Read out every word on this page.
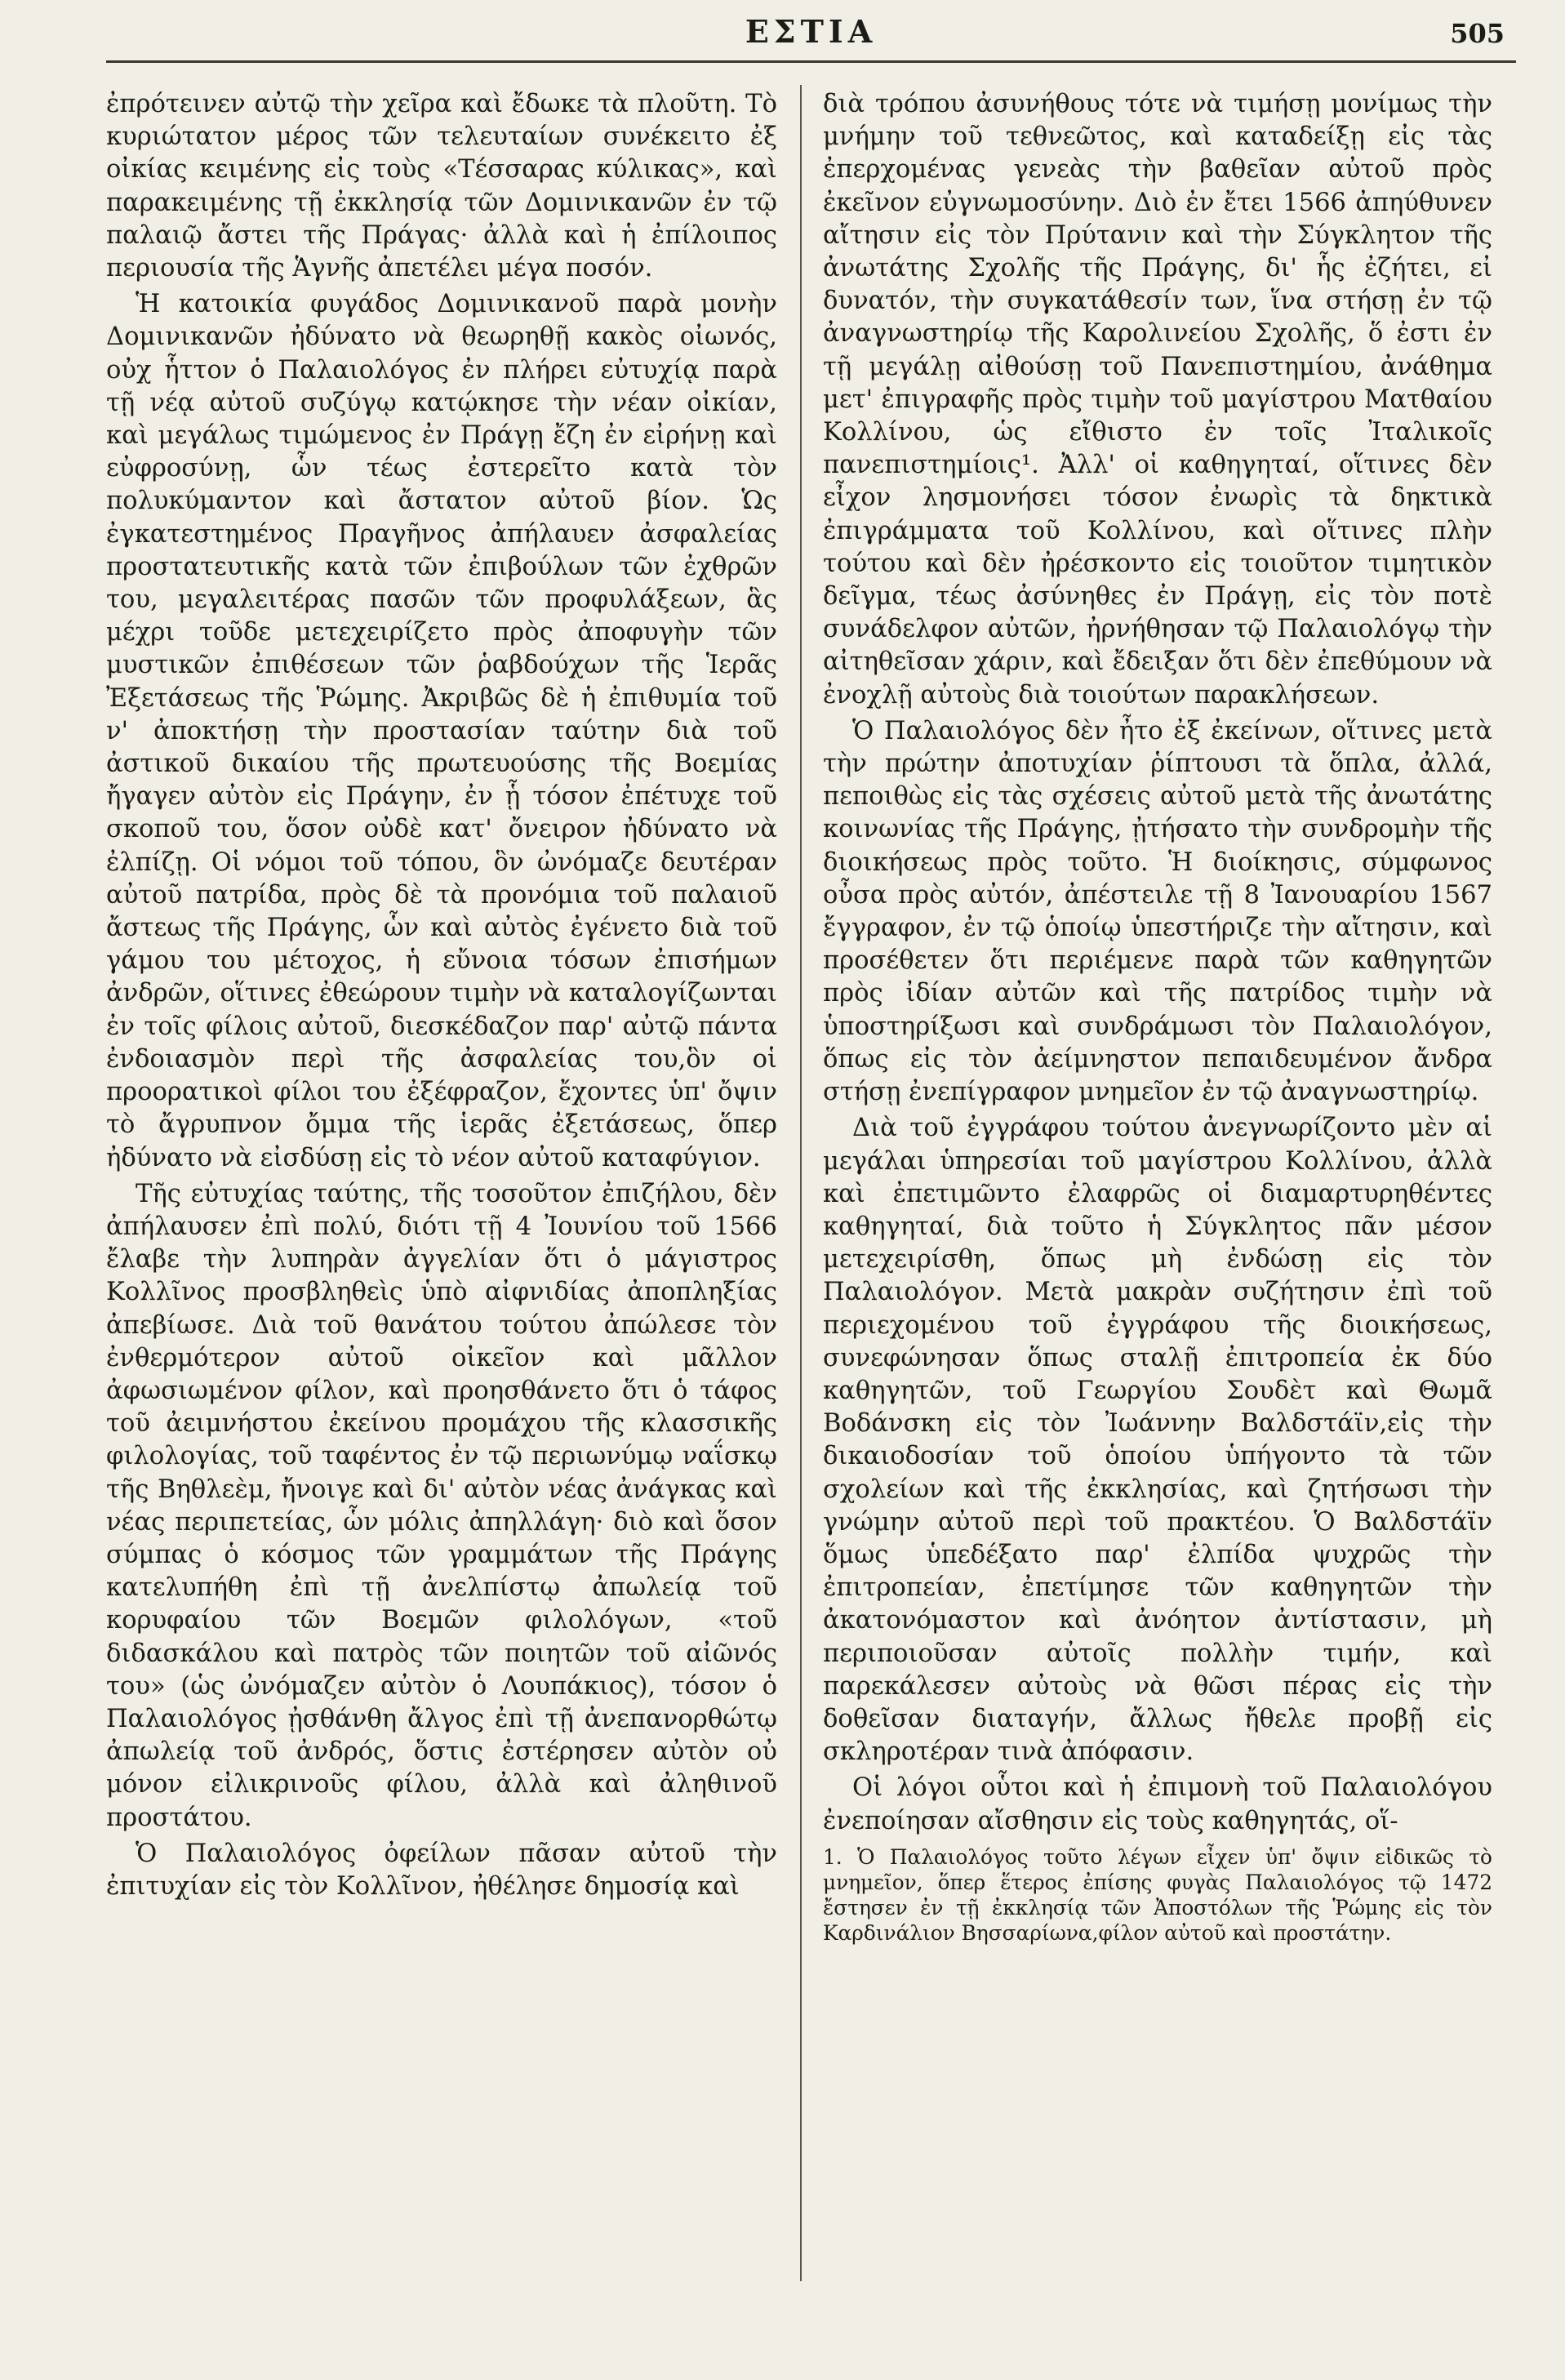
ΕΣΤΙΑ	505

ἐπρότεινεν αὐτῷ τὴν χεῖρα καὶ ἔδωκε τὰ πλοῦτη. Τὸ κυριώτατον μέρος τῶν τελευταίων συνέκειτο ἐξ οἰκίας κειμένης εἰς τοὺς «Τέσσαρας κύλικας», καὶ παρακειμένης τῇ ἐκκλησίᾳ τῶν Δομινικανῶν ἐν τῷ παλαιῷ ἄστει τῆς Πράγας· ἀλλὰ καὶ ἡ ἐπίλοιπος περιουσία τῆς Ἁγνῆς ἀπετέλει μέγα ποσόν.

Ἡ κατοικία φυγάδος Δομινικανοῦ παρὰ μονὴν Δομινικανῶν ἠδύνατο νὰ θεωρηθῇ κακὸς οἰωνός, οὐχ ἧττον ὁ Παλαιολόγος ἐν πλήρει εὐτυχίᾳ παρὰ τῇ νέᾳ αὐτοῦ συζύγῳ κατῴκησε τὴν νέαν οἰκίαν, καὶ μεγάλως τιμώμενος ἐν Πράγῃ ἔζη ἐν εἰρήνῃ καὶ εὐφροσύνῃ, ὧν τέως ἐστερεῖτο κατὰ τὸν πολυκύμαντον καὶ ἄστατον αὐτοῦ βίον. Ὡς ἐγκατεστημένος Πραγῆνος ἀπήλαυεν ἀσφαλείας προστατευτικῆς κατὰ τῶν ἐπιβούλων τῶν ἐχθρῶν του, μεγαλειτέρας πασῶν τῶν προφυλάξεων, ἃς μέχρι τοῦδε μετεχειρίζετο πρὸς ἀποφυγὴν τῶν μυστικῶν ἐπιθέσεων τῶν ῥαβδούχων τῆς Ἱερᾶς Ἐξετάσεως τῆς Ῥώμης. Ἀκριβῶς δὲ ἡ ἐπιθυμία τοῦ ν' ἀποκτήσῃ τὴν προστασίαν ταύτην διὰ τοῦ ἀστικοῦ δικαίου τῆς πρωτευούσης τῆς Βοεμίας ἤγαγεν αὐτὸν εἰς Πράγην, ἐν ᾗ τόσον ἐπέτυχε τοῦ σκοποῦ του, ὅσον οὐδὲ κατ' ὄνειρον ἠδύνατο νὰ ἐλπίζῃ. Οἱ νόμοι τοῦ τόπου, ὃν ὠνόμαζε δευτέραν αὐτοῦ πατρίδα, πρὸς δὲ τὰ προνόμια τοῦ παλαιοῦ ἄστεως τῆς Πράγης, ὧν καὶ αὐτὸς ἐγένετο διὰ τοῦ γάμου του μέτοχος, ἡ εὔνοια τόσων ἐπισήμων ἀνδρῶν, οἵτινες ἐθεώρουν τιμὴν νὰ καταλογίζωνται ἐν τοῖς φίλοις αὐτοῦ, διεσκέδαζον παρ' αὐτῷ πάντα ἐνδοιασμὸν περὶ τῆς ἀσφαλείας του,ὃν οἱ προορατικοὶ φίλοι του ἐξέφραζον, ἔχοντες ὑπ' ὄψιν τὸ ἄγρυπνον ὄμμα τῆς ἱερᾶς ἐξετάσεως, ὅπερ ἠδύνατο νὰ εἰσδύσῃ εἰς τὸ νέον αὐτοῦ καταφύγιον.

Τῆς εὐτυχίας ταύτης, τῆς τοσοῦτον ἐπιζήλου, δὲν ἀπήλαυσεν ἐπὶ πολύ, διότι τῇ 4 Ἰουνίου τοῦ 1566 ἔλαβε τὴν λυπηρὰν ἀγγελίαν ὅτι ὁ μάγιστρος Κολλῖνος προσβληθεὶς ὑπὸ αἰφνιδίας ἀποπληξίας ἀπεβίωσε. Διὰ τοῦ θανάτου τούτου ἀπώλεσε τὸν ἐνθερμότερον αὐτοῦ οἰκεῖον καὶ μᾶλλον ἀφωσιωμένον φίλον, καὶ προησθάνετο ὅτι ὁ τάφος τοῦ ἀειμνήστου ἐκείνου προμάχου τῆς κλασσικῆς φιλολογίας, τοῦ ταφέντος ἐν τῷ περιωνύμῳ ναΐσκῳ τῆς Βηθλεὲμ, ἤνοιγε καὶ δι' αὐτὸν νέας ἀνάγκας καὶ νέας περιπετείας, ὧν μόλις ἀπηλλάγη· διὸ καὶ ὅσον σύμπας ὁ κόσμος τῶν γραμμάτων τῆς Πράγης κατελυπήθη ἐπὶ τῇ ἀνελπίστῳ ἀπωλείᾳ τοῦ κορυφαίου τῶν Βοεμῶν φιλολόγων, «τοῦ διδασκάλου καὶ πατρὸς τῶν ποιητῶν τοῦ αἰῶνός του» (ὡς ὠνόμαζεν αὐτὸν ὁ Λουπάκιος), τόσον ὁ Παλαιολόγος ᾐσθάνθη ἄλγος ἐπὶ τῇ ἀνεπανορθώτῳ ἀπωλείᾳ τοῦ ἀνδρός, ὅστις ἐστέρησεν αὐτὸν οὐ μόνον εἰλικρινοῦς φίλου, ἀλλὰ καὶ ἀληθινοῦ προστάτου.

Ὁ Παλαιολόγος ὀφείλων πᾶσαν αὐτοῦ τὴν ἐπιτυχίαν εἰς τὸν Κολλῖνον, ἠθέλησε δημοσίᾳ καὶ

διὰ τρόπου ἀσυνήθους τότε νὰ τιμήσῃ μονίμως τὴν μνήμην τοῦ τεθνεῶτος, καὶ καταδείξῃ εἰς τὰς ἐπερχομένας γενεὰς τὴν βαθεῖαν αὐτοῦ πρὸς ἐκεῖνον εὐγνωμοσύνην. Διὸ ἐν ἔτει 1566 ἀπηύθυνεν αἴτησιν εἰς τὸν Πρύτανιν καὶ τὴν Σύγκλητον τῆς ἀνωτάτης Σχολῆς τῆς Πράγης, δι' ἧς ἐζήτει, εἰ δυνατόν, τὴν συγκατάθεσίν των, ἵνα στήσῃ ἐν τῷ ἀναγνωστηρίῳ τῆς Καρολινείου Σχολῆς, ὅ ἐστι ἐν τῇ μεγάλῃ αἰθούσῃ τοῦ Πανεπιστημίου, ἀνάθημα μετ' ἐπιγραφῆς πρὸς τιμὴν τοῦ μαγίστρου Ματθαίου Κολλίνου, ὡς εἴθιστο ἐν τοῖς Ἰταλικοῖς πανεπιστημίοις¹. Ἀλλ' οἱ καθηγηταί, οἵτινες δὲν εἶχον λησμονήσει τόσον ἐνωρὶς τὰ δηκτικὰ ἐπιγράμματα τοῦ Κολλίνου, καὶ οἵτινες πλὴν τούτου καὶ δὲν ἠρέσκοντο εἰς τοιοῦτον τιμητικὸν δεῖγμα, τέως ἀσύνηθες ἐν Πράγῃ, εἰς τὸν ποτὲ συνάδελφον αὐτῶν, ἠρνήθησαν τῷ Παλαιολόγῳ τὴν αἰτηθεῖσαν χάριν, καὶ ἔδειξαν ὅτι δὲν ἐπεθύμουν νὰ ἐνοχλῇ αὐτοὺς διὰ τοιούτων παρακλήσεων.

Ὁ Παλαιολόγος δὲν ἦτο ἐξ ἐκείνων, οἵτινες μετὰ τὴν πρώτην ἀποτυχίαν ῥίπτουσι τὰ ὅπλα, ἀλλά, πεποιθὼς εἰς τὰς σχέσεις αὐτοῦ μετὰ τῆς ἀνωτάτης κοινωνίας τῆς Πράγης, ᾐτήσατο τὴν συνδρομὴν τῆς διοικήσεως πρὸς τοῦτο. Ἡ διοίκησις, σύμφωνος οὖσα πρὸς αὐτόν, ἀπέστειλε τῇ 8 Ἰανουαρίου 1567 ἔγγραφον, ἐν τῷ ὁποίῳ ὑπεστήριζε τὴν αἴτησιν, καὶ προσέθετεν ὅτι περιέμενε παρὰ τῶν καθηγητῶν πρὸς ἰδίαν αὐτῶν καὶ τῆς πατρίδος τιμὴν νὰ ὑποστηρίξωσι καὶ συνδράμωσι τὸν Παλαιολόγον, ὅπως εἰς τὸν ἀείμνηστον πεπαιδευμένον ἄνδρα στήσῃ ἐνεπίγραφον μνημεῖον ἐν τῷ ἀναγνωστηρίῳ.

Διὰ τοῦ ἐγγράφου τούτου ἀνεγνωρίζοντο μὲν αἱ μεγάλαι ὑπηρεσίαι τοῦ μαγίστρου Κολλίνου, ἀλλὰ καὶ ἐπετιμῶντο ἐλαφρῶς οἱ διαμαρτυρηθέντες καθηγηταί, διὰ τοῦτο ἡ Σύγκλητος πᾶν μέσον μετεχειρίσθη, ὅπως μὴ ἐνδώσῃ εἰς τὸν Παλαιολόγον. Μετὰ μακρὰν συζήτησιν ἐπὶ τοῦ περιεχομένου τοῦ ἐγγράφου τῆς διοικήσεως, συνεφώνησαν ὅπως σταλῇ ἐπιτροπεία ἐκ δύο καθηγητῶν, τοῦ Γεωργίου Σουδὲτ καὶ Θωμᾶ Βοδάνσκη εἰς τὸν Ἰωάννην Βαλδστάϊν,εἰς τὴν δικαιοδοσίαν τοῦ ὁποίου ὑπήγοντο τὰ τῶν σχολείων καὶ τῆς ἐκκλησίας, καὶ ζητήσωσι τὴν γνώμην αὐτοῦ περὶ τοῦ πρακτέου. Ὁ Βαλδστάϊν ὅμως ὑπεδέξατο παρ' ἐλπίδα ψυχρῶς τὴν ἐπιτροπείαν, ἐπετίμησε τῶν καθηγητῶν τὴν ἀκατονόμαστον καὶ ἀνόητον ἀντίστασιν, μὴ περιποιοῦσαν αὐτοῖς πολλὴν τιμήν, καὶ παρεκάλεσεν αὐτοὺς νὰ θῶσι πέρας εἰς τὴν δοθεῖσαν διαταγήν, ἄλλως ἤθελε προβῇ εἰς σκληροτέραν τινὰ ἀπόφασιν.

Οἱ λόγοι οὗτοι καὶ ἡ ἐπιμονὴ τοῦ Παλαιολόγου ἐνεποίησαν αἴσθησιν εἰς τοὺς καθηγητάς, οἵ-

1. Ὁ Παλαιολόγος τοῦτο λέγων εἶχεν ὑπ' ὄψιν εἰδικῶς τὸ μνημεῖον, ὅπερ ἕτερος ἐπίσης φυγὰς Παλαιολόγος τῷ 1472 ἔστησεν ἐν τῇ ἐκκλησίᾳ τῶν Ἀποστόλων τῆς Ῥώμης εἰς τὸν Καρδινάλιον Βησσαρίωνα,φίλον αὐτοῦ καὶ προστάτην.
